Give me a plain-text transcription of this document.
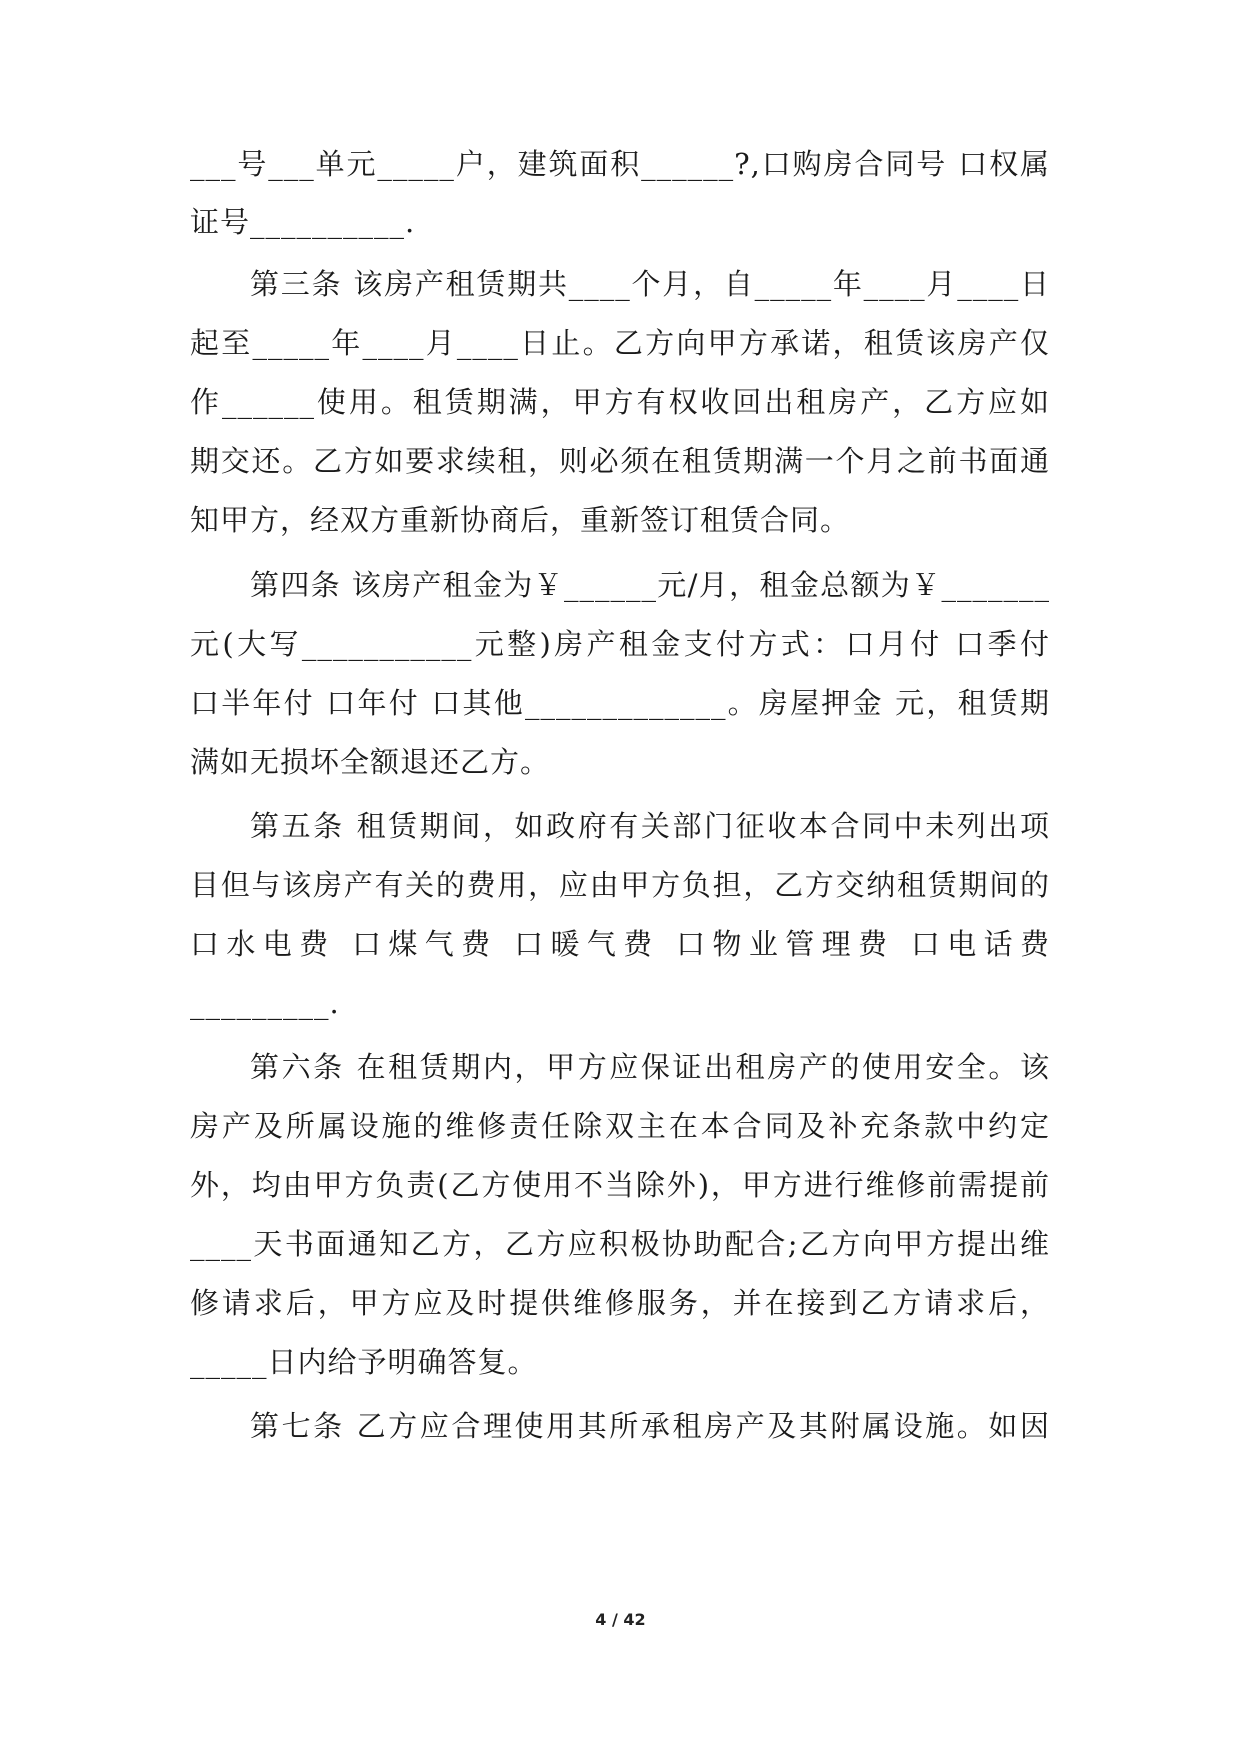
___号___单元_____户，建筑面积______?,口购房合同号 口权属
证号__________.
第三条 该房产租赁期共____个月，自_____年____月____日
起至_____年____月____日止。乙方向甲方承诺，租赁该房产仅
作______使用。租赁期满，甲方有权收回出租房产，乙方应如
期交还。乙方如要求续租，则必须在租赁期满一个月之前书面通
知甲方，经双方重新协商后，重新签订租赁合同。
第四条 该房产租金为￥______元/月，租金总额为￥_______
元(大写___________元整)房产租金支付方式：口月付 口季付
口半年付 口年付 口其他_____________。房屋押金 元，租赁期
满如无损坏全额退还乙方。
第五条 租赁期间，如政府有关部门征收本合同中未列出项
目但与该房产有关的费用，应由甲方负担，乙方交纳租赁期间的
口水电费 口煤气费 口暖气费 口物业管理费 口电话费
_________.
第六条 在租赁期内，甲方应保证出租房产的使用安全。该
房产及所属设施的维修责任除双主在本合同及补充条款中约定
外，均由甲方负责(乙方使用不当除外)，甲方进行维修前需提前
____天书面通知乙方，乙方应积极协助配合;乙方向甲方提出维
修请求后，甲方应及时提供维修服务，并在接到乙方请求后，
_____日内给予明确答复。
第七条 乙方应合理使用其所承租房产及其附属设施。如因
4 / 42
